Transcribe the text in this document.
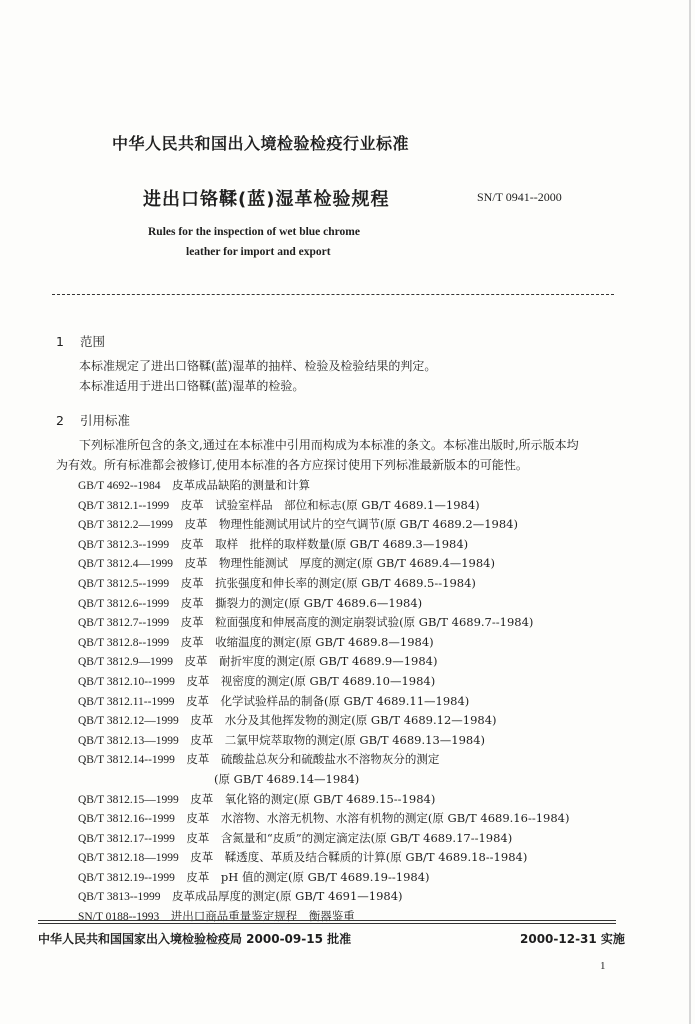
中华人民共和国出入境检验检疫行业标准
进出口铬鞣(蓝)湿革检验规程	SN/T 0941--2000
Rules for the inspection of wet blue chrome
leather for import and export
1 范围
本标准规定了进出口铬鞣(蓝)湿革的抽样、检验及检验结果的判定。
本标准适用于进出口铬鞣(蓝)湿革的检验。
2 引用标准
下列标准所包含的条文,通过在本标准中引用而构成为本标准的条文。本标准出版时,所示版本均
为有效。所有标准都会被修订,使用本标准的各方应探讨使用下列标准最新版本的可能性。
GB/T 4692--1984　 皮革成品缺陷的测量和计算
QB/T 3812.1--1999　 皮革　试验室样品　部位和标志(原 GB/T 4689.1—1984)
QB/T 3812.2—1999　 皮革　物理性能测试用试片的空气调节(原 GB/T 4689.2—1984)
QB/T 3812.3--1999　 皮革　取样　批样的取样数量(原 GB/T 4689.3—1984)
QB/T 3812.4—1999　 皮革　物理性能测试　厚度的测定(原 GB/T 4689.4—1984)
QB/T 3812.5--1999　 皮革　抗张强度和伸长率的测定(原 GB/T 4689.5--1984)
QB/T 3812.6--1999　 皮革　撕裂力的测定(原 GB/T 4689.6—1984)
QB/T 3812.7--1999　 皮革　粒面强度和伸展高度的测定崩裂试验(原 GB/T 4689.7--1984)
QB/T 3812.8--1999　 皮革　收缩温度的测定(原 GB/T 4689.8—1984)
QB/T 3812.9—1999　 皮革　耐折牢度的测定(原 GB/T 4689.9—1984)
QB/T 3812.10--1999　 皮革　视密度的测定(原 GB/T 4689.10—1984)
QB/T 3812.11--1999　 皮革　化学试验样品的制备(原 GB/T 4689.11—1984)
QB/T 3812.12—1999　 皮革　水分及其他挥发物的测定(原 GB/T 4689.12—1984)
QB/T 3812.13—1999　 皮革　二氯甲烷萃取物的测定(原 GB/T 4689.13—1984)
QB/T 3812.14--1999　 皮革　硫酸盐总灰分和硫酸盐水不溶物灰分的测定
(原 GB/T 4689.14—1984)
QB/T 3812.15—1999　 皮革　氧化铬的测定(原 GB/T 4689.15--1984)
QB/T 3812.16--1999　 皮革　水溶物、水溶无机物、水溶有机物的测定(原 GB/T 4689.16--1984)
QB/T 3812.17--1999　 皮革　含氮量和“皮质”的测定滴定法(原 GB/T 4689.17--1984)
QB/T 3812.18—1999　 皮革　鞣透度、革质及结合鞣质的计算(原 GB/T 4689.18--1984)
QB/T 3812.19--1999　 皮革　pH 值的测定(原 GB/T 4689.19--1984)
QB/T 3813--1999　 皮革成品厚度的测定(原 GB/T 4691—1984)
SN/T 0188--1993　 进出口商品重量鉴定规程　衡器鉴重
中华人民共和国国家出入境检验检疫局 2000-09-15 批准	2000-12-31 实施
1
